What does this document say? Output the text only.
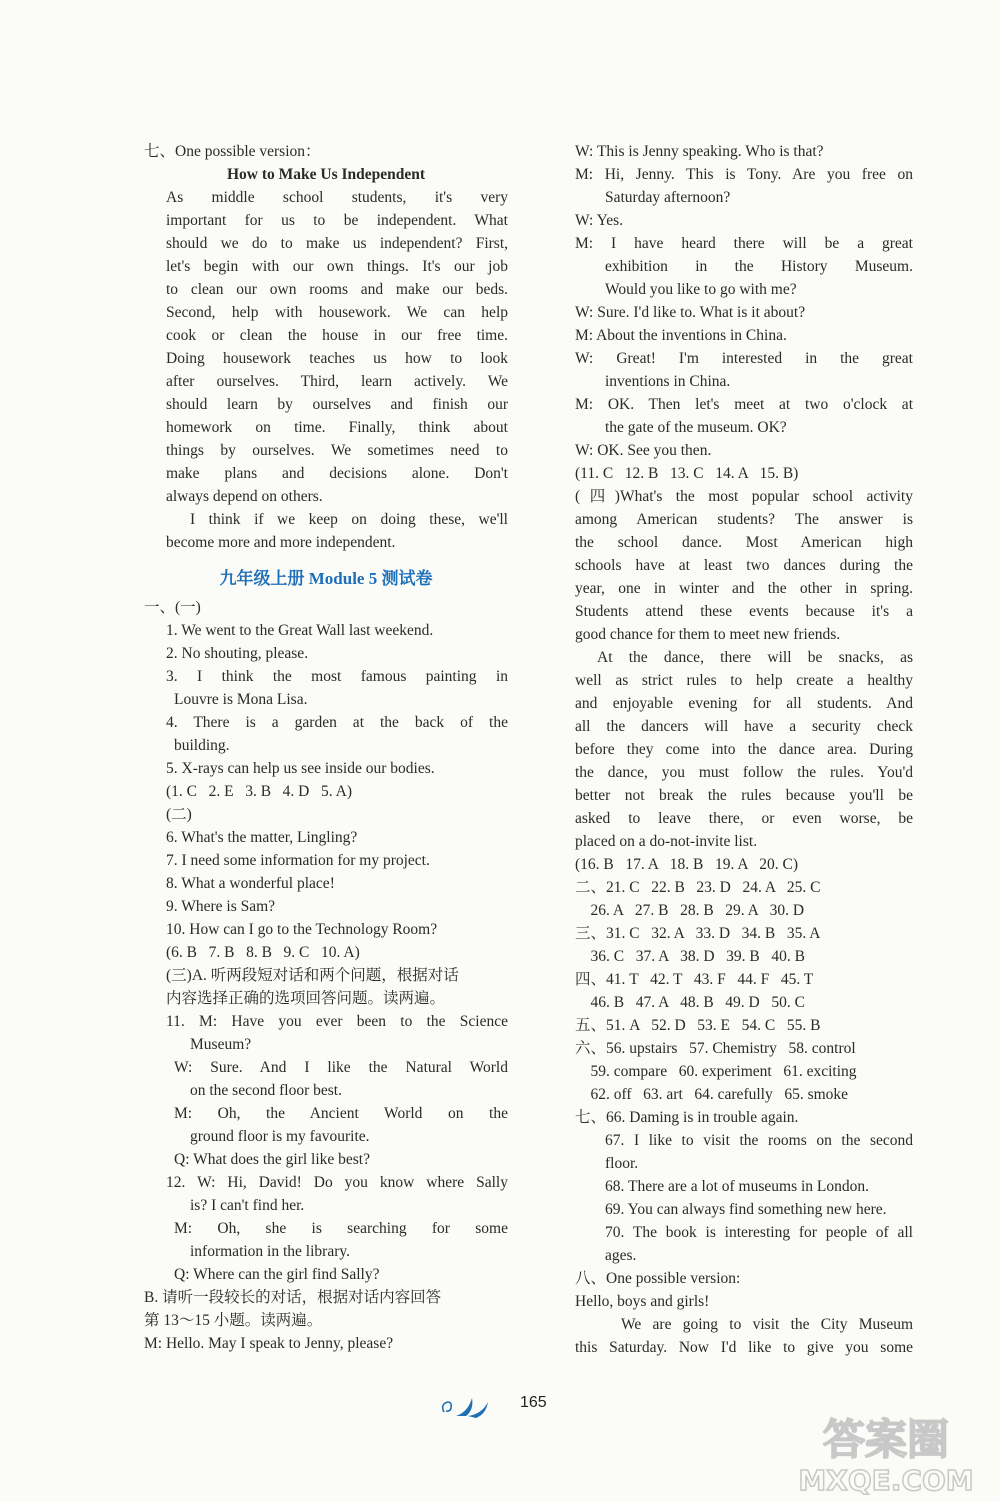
七、One possible version：
How to Make Us Independent
As middle school students, it's very
important for us to be independent. What
should we do to make us independent? First,
let's begin with our own things. It's our job
to clean our own rooms and make our beds.
Second, help with housework. We can help
cook or clean the house in our free time.
Doing housework teaches us how to look
after ourselves. Third, learn actively. We
should learn by ourselves and finish our
homework on time. Finally, think about
things by ourselves. We sometimes need to
make plans and decisions alone. Don't
always depend on others.
I think if we keep on doing these, we'll
become more and more independent.
九年级上册 Module 5 测试卷
一、(一)
1. We went to the Great Wall last weekend.
2. No shouting, please.
3. I think the most famous painting in
Louvre is Mona Lisa.
4. There is a garden at the back of the
building.
5. X-rays can help us see inside our bodies.
(1. C   2. E   3. B   4. D   5. A)
(二)
6. What's the matter, Lingling?
7. I need some information for my project.
8. What a wonderful place!
9. Where is Sam?
10. How can I go to the Technology Room?
(6. B   7. B   8. B   9. C   10. A)
(三)A. 听两段短对话和两个问题，根据对话
内容选择正确的选项回答问题。读两遍。
11. M: Have you ever been to the Science
Museum?
W: Sure. And I like the Natural World
on the second floor best.
M: Oh, the Ancient World on the
ground floor is my favourite.
Q: What does the girl like best?
12. W: Hi, David! Do you know where Sally
is? I can't find her.
M: Oh, she is searching for some
information in the library.
Q: Where can the girl find Sally?
B. 请听一段较长的对话，根据对话内容回答
第 13～15 小题。读两遍。
M: Hello. May I speak to Jenny, please?
W: This is Jenny speaking. Who is that?
M: Hi, Jenny. This is Tony. Are you free on
Saturday afternoon?
W: Yes.
M: I have heard there will be a great
exhibition in the History Museum.
Would you like to go with me?
W: Sure. I'd like to. What is it about?
M: About the inventions in China.
W: Great! I'm interested in the great
inventions in China.
M: OK. Then let's meet at two o'clock at
the gate of the museum. OK?
W: OK. See you then.
(11. C   12. B   13. C   14. A   15. B)
(四)What's the most popular school activity
among American students? The answer is
the school dance. Most American high
schools have at least two dances during the
year, one in winter and the other in spring.
Students attend these events because it's a
good chance for them to meet new friends.
At the dance, there will be snacks, as
well as strict rules to help create a healthy
and enjoyable evening for all students. And
all the dancers will have a security check
before they come into the dance area. During
the dance, you must follow the rules. You'd
better not break the rules because you'll be
asked to leave there, or even worse, be
placed on a do-not-invite list.
(16. B   17. A   18. B   19. A   20. C)
二、21. C   22. B   23. D   24. A   25. C
26. A   27. B   28. B   29. A   30. D
三、31. C   32. A   33. D   34. B   35. A
36. C   37. A   38. D   39. B   40. B
四、41. T   42. T   43. F   44. F   45. T
46. B   47. A   48. B   49. D   50. C
五、51. A   52. D   53. E   54. C   55. B
六、56. upstairs   57. Chemistry   58. control
59. compare   60. experiment   61. exciting
62. off   63. art   64. carefully   65. smoke
七、66. Daming is in trouble again.
67. I like to visit the rooms on the second
floor.
68. There are a lot of museums in London.
69. You can always find something new here.
70. The book is interesting for people of all
ages.
八、One possible version:
Hello, boys and girls!
We are going to visit the City Museum
this Saturday. Now I'd like to give you some
165
答案圈
MXQE.COM
